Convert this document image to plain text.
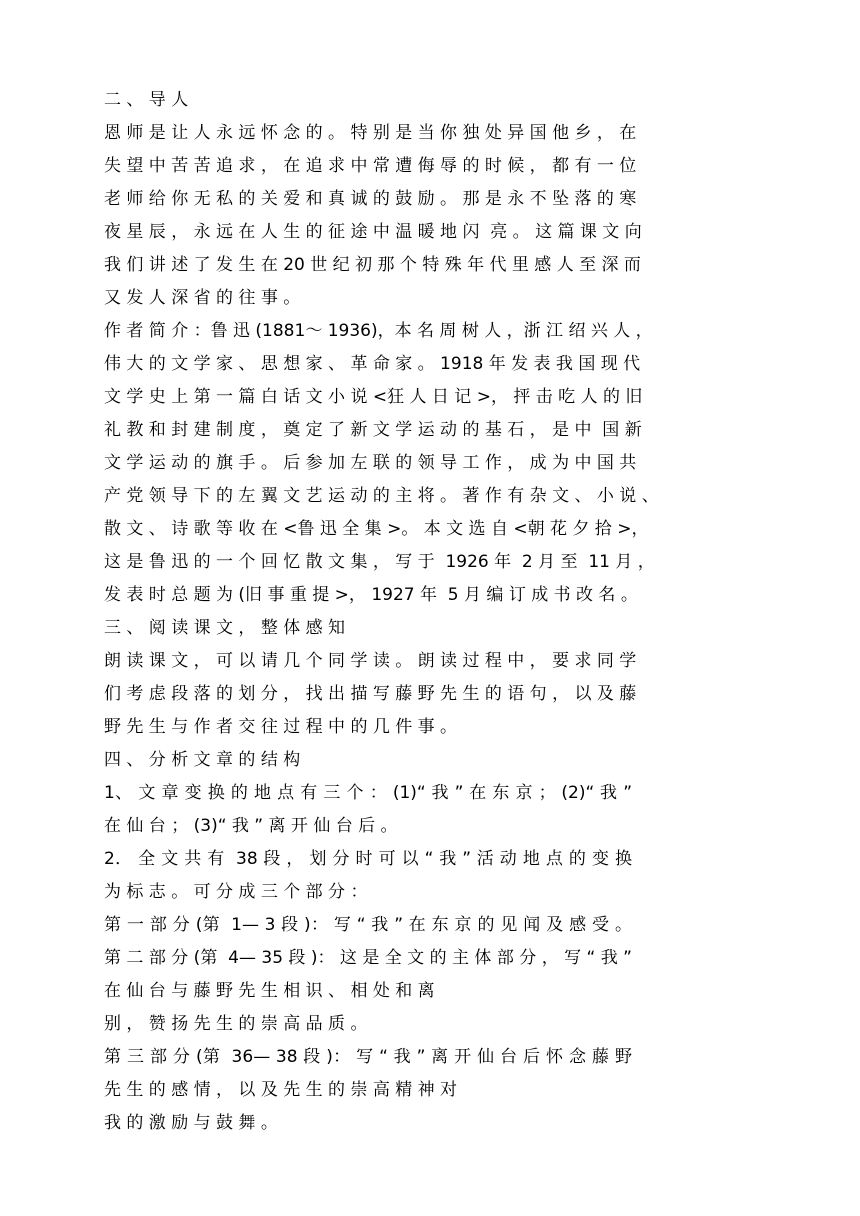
二 、 导 人
恩 师 是 让 人 永 远 怀 念 的 。 特 别 是 当 你 独 处 异 国 他 乡 ， 在
失 望 中 苦 苦 追 求 ， 在 追 求 中 常 遭 侮 辱 的 时 候 ， 都 有 一 位
老 师 给 你 无 私 的 关 爱 和 真 诚 的 鼓 励 。 那 是 永 不 坠 落 的 寒
夜 星 辰 ， 永 远 在 人 生 的 征 途 中 温 暖 地 闪  亮 。 这 篇 课 文 向
我 们 讲 述 了 发 生 在 20 世 纪 初 那 个 特 殊 年 代 里 感 人 至 深 而
又 发 人 深 省 的 往 事 。
作 者 简 介 ：鲁 迅 (1881～ 1936)，本 名 周 树 人 ，浙 江 绍 兴 人 ，
伟 大 的 文 学 家 、 思 想 家 、 革 命 家 。 1918 年 发 表 我 国 现 代
文 学 史 上 第 一 篇 白 话 文 小 说 <狂 人 日 记 >， 抨 击 吃 人 的 旧
礼 教 和 封 建 制 度 ， 奠 定 了 新 文 学 运 动 的 基 石 ， 是 中  国 新
文 学 运 动 的 旗 手 。 后 参 加 左 联 的 领 导 工 作 ， 成 为 中 国 共
产 党 领 导 下 的 左 翼 文 艺 运 动 的 主 将 。 著 作 有 杂 文 、 小 说 、
散 文 、 诗 歌 等 收 在 <鲁 迅 全 集 >。 本 文 选 自 <朝 花 夕 拾 >，
这 是 鲁 迅 的 一 个 回 忆 散 文 集 ， 写 于  1926 年  2 月 至  11 月 ，
发 表 时 总 题 为 (旧 事 重 提 >， 1927 年  5 月 编 订 成 书 改 名 。
三 、 阅 读 课 文 ， 整 体 感 知
朗 读 课 文 ， 可 以 请 几 个 同 学 读 。 朗 读 过 程 中 ， 要 求 同 学
们 考 虑 段 落 的 划 分 ， 找 出 描 写 藤 野 先 生 的 语 句 ， 以 及 藤
野 先 生 与 作 者 交 往 过 程 中 的 几 件 事 。
四 、 分 析 文 章 的 结 构
1、 文 章 变 换 的 地 点 有 三 个 ： (1)“ 我 ” 在 东 京 ； (2)“ 我 ”
在 仙 台 ； (3)“ 我 ” 离 开 仙 台 后 。
2． 全 文 共 有  38 段 ， 划 分 时 可 以 “ 我 ” 活 动 地 点 的 变 换
为 标 志 。 可 分 成 三 个 部 分 ：
第 一 部 分 (第  1— 3 段 )： 写 “ 我 ” 在 东 京 的 见 闻 及 感 受 。
第 二 部 分 (第  4— 35 段 )： 这 是 全 文 的 主 体 部 分 ， 写 “ 我 ”
在 仙 台 与 藤 野 先 生 相 识 、 相 处 和 离
别 ， 赞 扬 先 生 的 崇 高 品 质 。
第 三 部 分 (第  36— 38 段 )： 写 “ 我 ” 离 开 仙 台 后 怀 念 藤 野
先 生 的 感 情 ， 以 及 先 生 的 崇 高 精 神 对
我 的 激 励 与 鼓 舞 。
